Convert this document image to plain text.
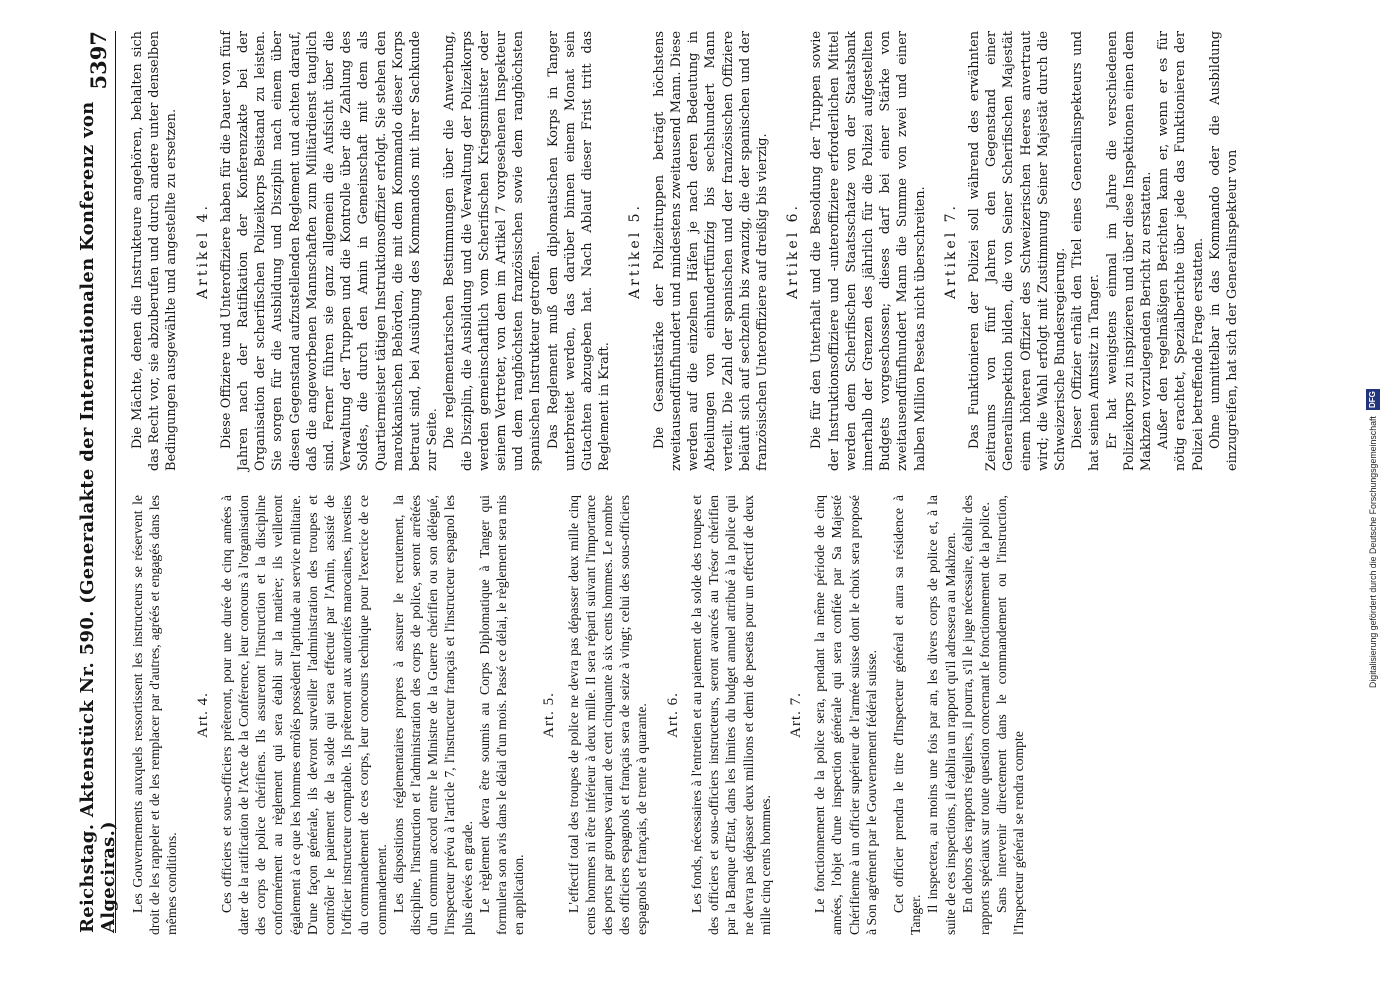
Reichstag. Aktenstück Nr. 590. (Generalakte der Internationalen Konferenz von Algeciras.)
5397

Les Gouvernements auxquels ressortissent les instructeurs se réservent le droit de les rappeler et de les remplacer par d'autres, agréés et engagés dans les mêmes conditions.

Art. 4. Ces officiers et sous-officiers prêteront, pour une durée de cinq années à dater de la ratification de l'Acte de la Conférence, leur concours à l'organisation des corps de police chérifiens. Ils assureront l'instruction et la discipline conformément au règlement qui sera établi sur la matière; ils veilleront également à ce que les hommes enrôlés possèdent l'aptitude au service militaire. D'une façon générale, ils devront surveiller l'administration des troupes et contrôler le paiement de la solde qui sera effectué par l'Amin, assisté de l'officier instructeur comptable. Ils prêteront aux autorités marocaines, investies du commandement de ces corps, leur concours technique pour l'exercice de ce commandement. Les dispositions réglementaires propres à assurer le recrutement, la discipline, l'instruction et l'administration des corps de police, seront arrêtées d'un commun accord entre le Ministre de la Guerre chérifien ou son délégué, l'inspecteur prévu à l'article 7, l'instructeur français et l'instructeur espagnol les plus élevés en grade. Le règlement devra être soumis au Corps Diplomatique à Tanger qui formulera son avis dans le délai d'un mois. Passé ce délai, le règlement sera mis en application.

Art. 5. L'effectif total des troupes de police ne devra pas dépasser deux mille cinq cents hommes ni être inférieur à deux mille. Il sera réparti suivant l'importance des ports par groupes variant de cent cinquante à six cents hommes. Le nombre des officiers espagnols et français sera de seize à vingt; celui des sous-officiers espagnols et français, de trente à quarante. Art. 6. Les fonds, nécessaires à l'entretien et au paiement de la solde des troupes et des officiers et sous-officiers instructeurs, seront avancés au Trésor chérifien par la Banque d'Etat, dans les limites du budget annuel attribué à la police qui ne devra pas dépasser deux millions et demi de pesetas pour un effectif de deux mille cinq cents hommes.

Art. 7. Le fonctionnement de la police sera, pendant la même période de cinq années, l'objet d'une inspection générale qui sera confiée par Sa Majesté Chérifienne à un officier supérieur de l'armée suisse dont le choix sera proposé à Son agrément par le Gouvernement fédéral suisse. Cet officier prendra le titre d'Inspecteur général et aura sa résidence à Tanger.

Il inspectera, au moins une fois par an, les divers corps de police et, à la suite de ces inspections, il établira un rapport qu'il adressera au Makhzen. En dehors des rapports réguliers, il pourra, s'il le juge nécessaire, établir des rapports spéciaux sur toute question concernant le fonctionnement de la police. Sans intervenir directement dans le commandement ou l'instruction, l'Inspecteur général se rendra compte

Die Mächte, denen die Instrukteure angehören, behalten sich das Recht vor, sie abzuberufen und durch andere unter denselben Bedingungen ausgewählte und angestellte zu ersetzen. Artikel 4. Diese Offiziere und Unteroffiziere haben für die Dauer von fünf Jahren nach der Ratifikation der Konferenzakte bei der Organisation der scherifischen Polizeikorps Beistand zu leisten. Sie sorgen für die Ausbildung und Disziplin nach einem über diesen Gegenstand aufzustellenden Reglement und achten darauf, daß die angeworbenen Mannschaften zum Militärdienst tauglich sind. Ferner führen sie ganz allgemein die Aufsicht über die Verwaltung der Truppen und die Kontrolle über die Zahlung des Soldes, die durch den Amin in Gemeinschaft mit dem als Quartiermeister tätigen Instruktionsoffizier erfolgt. Sie stehen den marokkanischen Behörden, die mit dem Kommando dieser Korps betraut sind, bei Ausübung des Kommandos mit ihrer Sachkunde zur Seite. Die reglementarischen Bestimmungen über die Anwerbung, die Disziplin, die Ausbildung und die Verwaltung der Polizeikorps werden gemeinschaftlich vom Scherifischen Kriegsminister oder seinem Vertreter, von dem im Artikel 7 vorgesehenen Inspekteur und dem ranghöchsten französischen sowie dem ranghöchsten spanischen Instrukteur getroffen. Das Reglement muß dem diplomatischen Korps in Tanger unterbreitet werden, das darüber binnen einem Monat sein Gutachten abzugeben hat. Nach Ablauf dieser Frist tritt das Reglement in Kraft.

Artikel 5. Die Gesamtstärke der Polizeitruppen beträgt höchstens zweitausendfünfhundert und mindestens zweitausend Mann. Diese werden auf die einzelnen Häfen je nach deren Bedeutung in Abteilungen von einhundertfünfzig bis sechshundert Mann verteilt. Die Zahl der spanischen und der französischen Offiziere beläuft sich auf sechzehn bis zwanzig, die der spanischen und der französischen Unteroffiziere auf dreißig bis vierzig. Artikel 6. Die für den Unterhalt und die Besoldung der Truppen sowie der Instruktionsoffiziere und -unteroffiziere erforderlichen Mittel werden dem Scherifischen Staatsschatze von der Staatsbank innerhalb der Grenzen des jährlich für die Polizei aufgestellten Budgets vorgeschossen; dieses darf bei einer Stärke von zweitausendfünfhundert Mann die Summe von zwei und einer halben Million Pesetas nicht überschreiten. Artikel 7. Das Funktionieren der Polizei soll während des erwähnten Zeitraums von fünf Jahren den Gegenstand einer Generalinspektion bilden, die von Seiner Scherifischen Majestät einem höheren Offizier des Schweizerischen Heeres anvertraut wird; die Wahl erfolgt mit Zustimmung Seiner Majestät durch die Schweizerische Bundesregierung. Dieser Offizier erhält den Titel eines Generalinspekteurs und hat seinen Amtssitz in Tanger. Er hat wenigstens einmal im Jahre die verschiedenen Polizeikorps zu inspizieren und über diese Inspektionen einen dem Makhzen vorzulegenden Bericht zu erstatten. Außer den regelmäßigen Berichten kann er, wenn er es für nötig erachtet, Spezialberichte über jede das Funktionieren der Polizei betreffende Frage erstatten. Ohne unmittelbar in das Kommando oder die Ausbildung einzugreifen, hat sich der Generalinspekteur von

Digitalisierung gefördert durch die Deutsche Forschungsgemeinschaft DFG
